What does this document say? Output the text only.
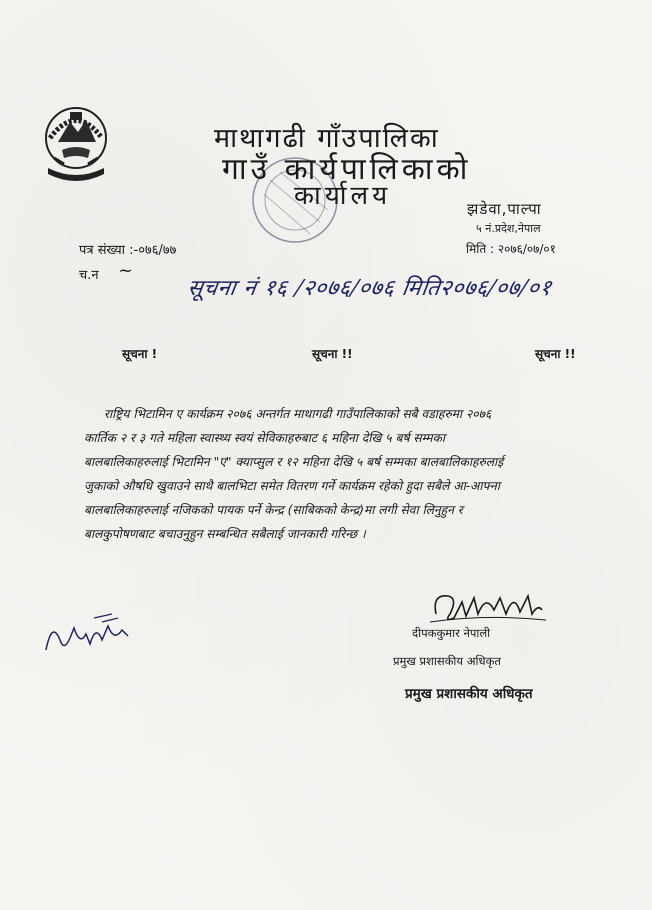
माथागढी गाँउपालिका
गाउँ कार्यपालिकाको
कार्यालय	झडेवा,पाल्पा
५ नं.प्रदेश,नेपाल
मिति : २०७६/०७/०१
पत्र संख्या :-०७६/७७
च.न ~
सूचना नं १६ /२०७६/०७६ मिति२०७६/०७/०१
सूचना !	सूचना !!	सूचना !!
राष्ट्रिय भिटामिन ए कार्यक्रम २०७६ अन्तर्गत माथागढी गाउँपालिकाको सबै वडाहरुमा २०७६
कार्तिक २ र ३ गते महिला स्वास्थ्य स्वयं सेविकाहरुबाट ६ महिना देखि ५ बर्ष सम्मका
बालबालिकाहरुलाई भिटामिन "ए" क्याप्सुल र १२ महिना देखि ५ बर्ष सम्मका बालबालिकाहरुलाई
जुकाको औषधि खुवाउने साथै बालभिटा समेत वितरण गर्ने कार्यक्रम रहेको हुदा सबैले आ-आफ्ना
बालबालिकाहरुलाई नजिकको पायक पर्ने केन्द्र (साबिकको केन्द्र)मा लगी सेवा लिनुहुन र
बालकुपोषणबाट बचाउनुहुन सम्बन्धित सबैलाई जानकारी गरिन्छ ।
दीपककुमार नेपाली
प्रमुख प्रशासकीय अधिकृत
प्रमुख प्रशासकीय अधिकृत
